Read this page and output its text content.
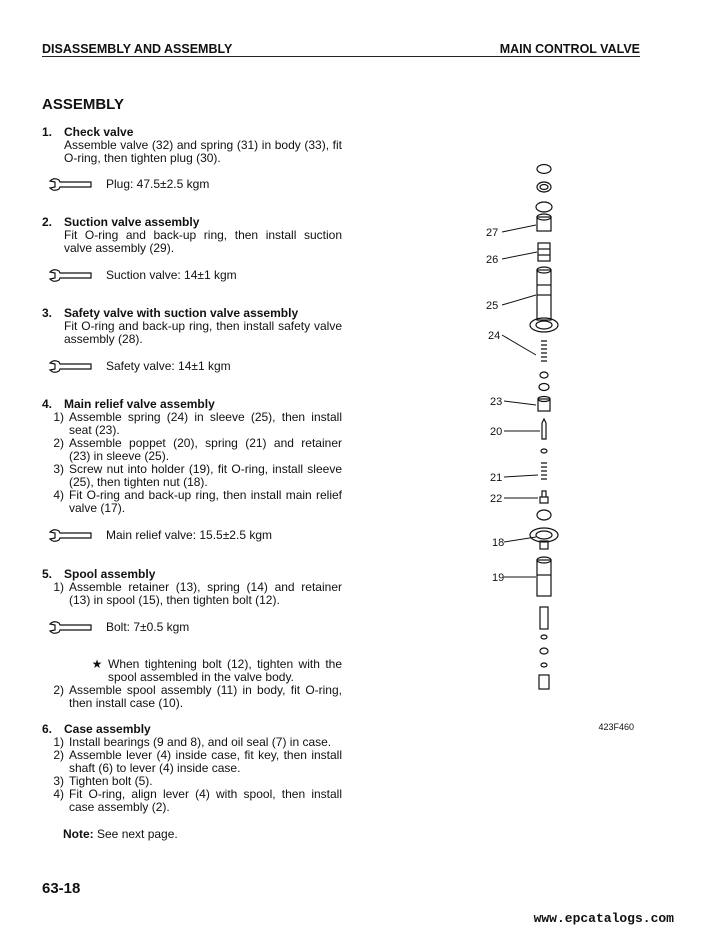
DISASSEMBLY AND ASSEMBLY	MAIN CONTROL VALVE
ASSEMBLY
1. Check valve
Assemble valve (32) and spring (31) in body (33), fit O-ring, then tighten plug (30).
Plug: 47.5±2.5 kgm
2. Suction valve assembly
Fit O-ring and back-up ring, then install suction valve assembly (29).
Suction valve: 14±1 kgm
3. Safety valve with suction valve assembly
Fit O-ring and back-up ring, then install safety valve assembly (28).
Safety valve: 14±1 kgm
4. Main relief valve assembly
1) Assemble spring (24) in sleeve (25), then install seat (23).
2) Assemble poppet (20), spring (21) and retainer (23) in sleeve (25).
3) Screw nut into holder (19), fit O-ring, install sleeve (25), then tighten nut (18).
4) Fit O-ring and back-up ring, then install main relief valve (17).
Main relief valve: 15.5±2.5 kgm
5. Spool assembly
1) Assemble retainer (13), spring (14) and retainer (13) in spool (15), then tighten bolt (12).
Bolt: 7±0.5 kgm
★ When tightening bolt (12), tighten with the spool assembled in the valve body.
2) Assemble spool assembly (11) in body, fit O-ring, then install case (10).
6. Case assembly
1) Install bearings (9 and 8), and oil seal (7) in case.
2) Assemble lever (4) inside case, fit key, then install shaft (6) to lever (4) inside case.
3) Tighten bolt (5).
4) Fit O-ring, align lever (4) with spool, then install case assembly (2).
Note: See next page.
27
26
25
24
23
20
21
22
18
19
423F460
63-18
www.epcatalogs.com
